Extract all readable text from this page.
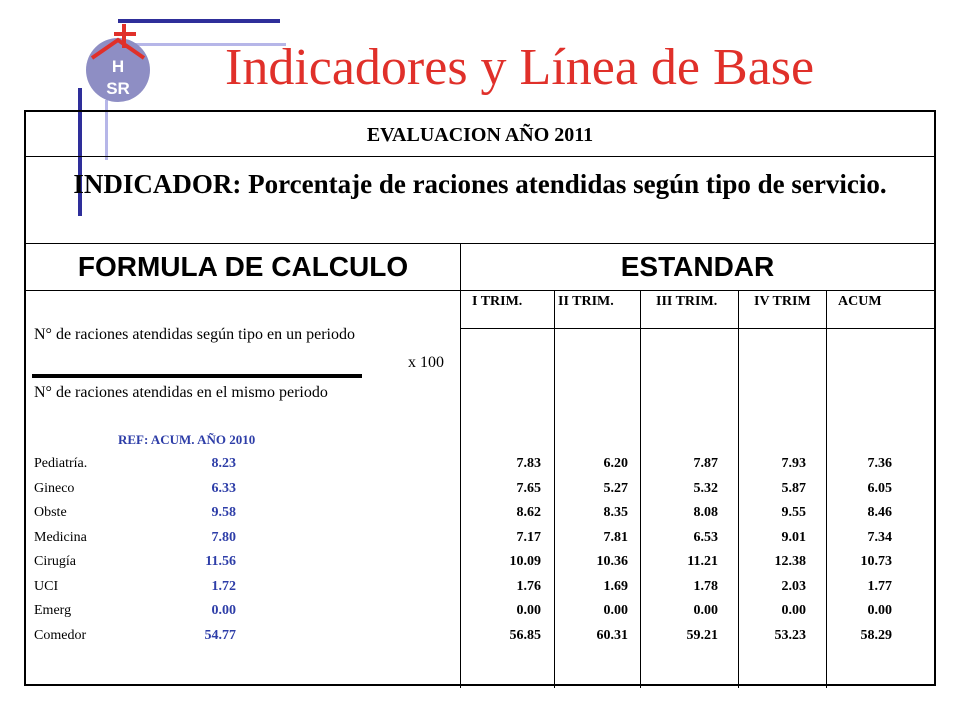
H
SR Indicadores y Línea de Base
EVALUACION AÑO 2011
INDICADOR: Porcentaje de raciones atendidas según tipo de servicio.
FORMULA DE CALCULO	ESTANDAR
I TRIM.	II TRIM.	III TRIM.	IV TRIM ACUM
N° de raciones atendidas según tipo en un periodo
x 100
N° de raciones atendidas en el mismo periodo
REF: ACUM. AÑO 2010
Pediatría.	8.23	7.83	6.20	7.87	7.93	7.36
Gineco	6.33	7.65	5.27	5.32	5.87	6.05
Obste	9.58	8.62	8.35	8.08	9.55	8.46
Medicina	7.80	7.17	7.81	6.53	9.01	7.34
Cirugía	11.56	10.09	10.36	11.21	12.38	10.73
UCI	1.72	1.76	1.69	1.78	2.03	1.77
Emerg	0.00	0.00	0.00	0.00	0.00	0.00
Comedor	54.77	56.85	60.31	59.21	53.23	58.29
